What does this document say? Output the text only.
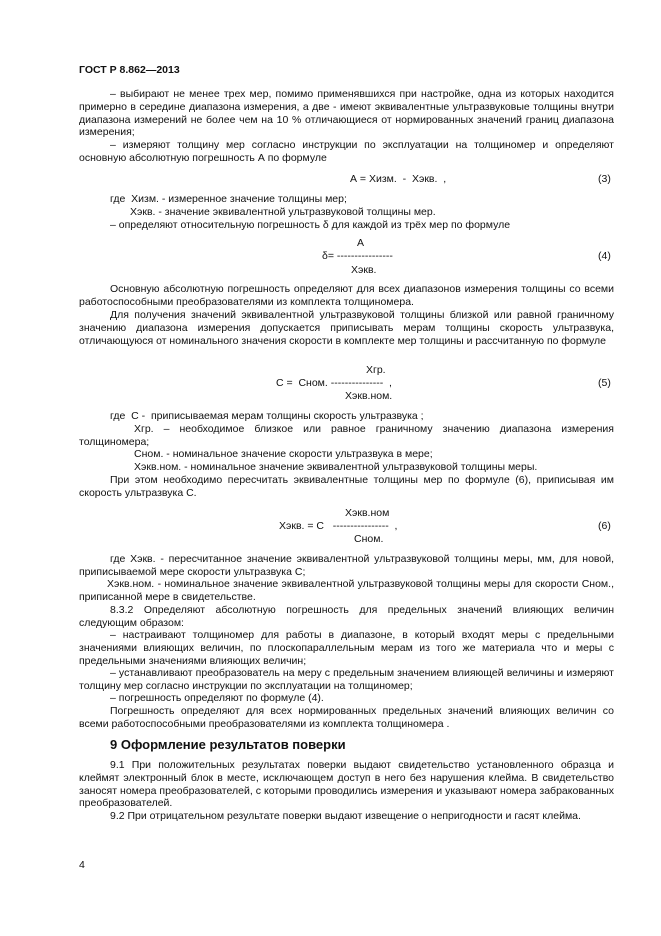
ГОСТ Р 8.862—2013
– выбирают не менее трех мер, помимо применявшихся при настройке, одна из которых находится примерно в середине диапазона измерения, а две - имеют эквивалентные ультразвуковые толщины внутри диапазона измерений не более чем на 10 % отличающиеся от нормированных значений границ диапазона измерения;
– измеряют толщину мер согласно инструкции по эксплуатации на толщиномер и определяют основную абсолютную погрешность А по формуле
А = Хизм.  -  Хэкв.  ,	(3)
где  Хизм. - измеренное значение толщины мер;
Хэкв. - значение эквивалентной ультразвуковой толщины мер.
– определяют относительную погрешность δ для каждой из трёх мер по формуле
А
δ= ----------------
Хэкв.
(4)
Основную абсолютную погрешность определяют для всех диапазонов измерения толщины со всеми работоспособными преобразователями из комплекта толщиномера.
Для получения значений эквивалентной ультразвуковой толщины близкой или равной граничному значению диапазона измерения допускается приписывать мерам толщины скорость ультразвука, отличающуюся от номинального значения скорости в комплекте мер толщины и рассчитанную по формуле
Хгр.
С =  Сном. ---------------  ,
Хэкв.ном.
(5)
где  С -  приписываемая мерам толщины скорость ультразвука ;
Хгр. – необходимое близкое или равное граничному значению диапазона измерения толщиномера;
Сном. - номинальное значение скорости ультразвука в мере;
Хэкв.ном. - номинальное значение эквивалентной ультразвуковой толщины меры.
При этом необходимо пересчитать эквивалентные толщины мер по формуле (6), приписывая им скорость ультразвука С.
Хэкв.ном
Хэкв. = С   ----------------  ,
Сном.
(6)
где Хэкв. - пересчитанное значение эквивалентной ультразвуковой толщины меры, мм, для новой, приписываемой мере скорости ультразвука С;
Хэкв.ном. - номинальное значение эквивалентной ультразвуковой толщины меры для скорости Сном., приписанной мере в свидетельстве.
8.3.2 Определяют абсолютную погрешность для предельных значений влияющих величин следующим образом:
– настраивают толщиномер для работы в диапазоне, в который входят меры с предельными значениями влияющих величин, по плоскопараллельным мерам из того же материала что и меры с предельными значениями влияющих величин;
– устанавливают преобразователь на меру с предельным значением влияющей величины и измеряют толщину мер согласно инструкции по эксплуатации на толщиномер;
– погрешность определяют по формуле (4).
Погрешность определяют для всех нормированных предельных значений влияющих величин со всеми работоспособными преобразователями из комплекта толщиномера .
9 Оформление результатов поверки
9.1 При положительных результатах поверки выдают свидетельство установленного образца и клеймят электронный блок в месте, исключающем доступ в него без нарушения клейма. В свидетельство заносят номера преобразователей, с которыми проводились измерения и указывают номера забракованных преобразователей.
9.2 При отрицательном результате поверки выдают извещение о непригодности и гасят клейма.
4
